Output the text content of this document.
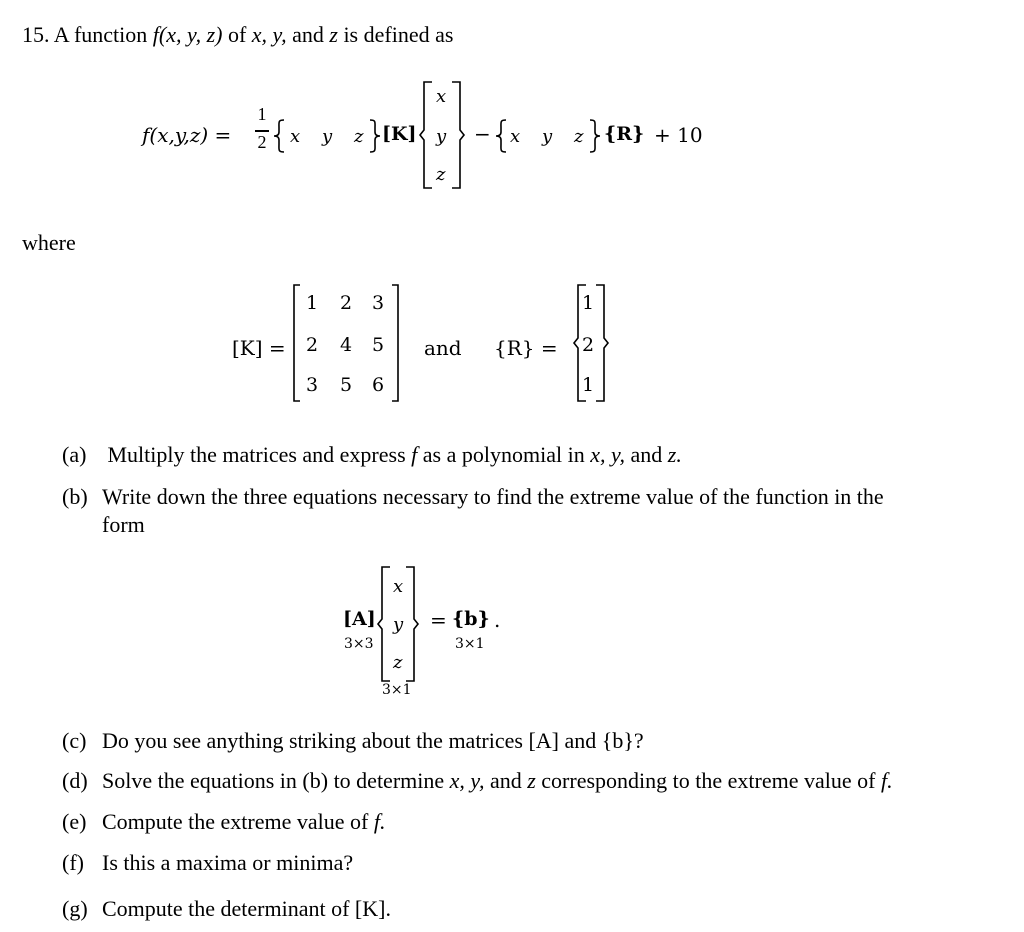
15. A function f(x, y, z) of x, y, and z is defined as
f(x,y,z) =
1
2 x y z [K]
x
y
z
− x y z {R} + 10
where
[K] =
1	2	3
2	4	5
3	5	6
and {R} =
1
2
1
(a) Multiply the matrices and express f as a polynomial in x, y, and z.
(b) Write down the three equations necessary to find the extreme value of the function in the
form
[A]
3×3
x
y
z
3×1
= {b}
3×1
.
(c) Do you see anything striking about the matrices [A] and {b}?
(d) Solve the equations in (b) to determine x, y, and z corresponding to the extreme value of f.
(e) Compute the extreme value of f.
(f) Is this a maxima or minima?
(g) Compute the determinant of [K].
